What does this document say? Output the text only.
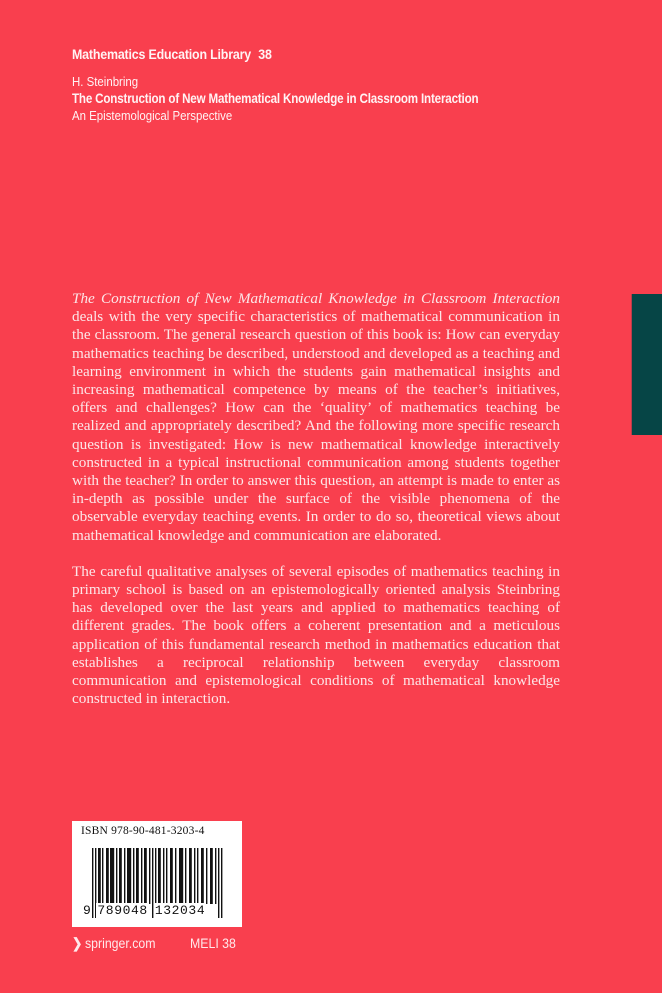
Mathematics Education Library 38
H. Steinbring
The Construction of New Mathematical Knowledge in Classroom Interaction
An Epistemological Perspective

The Construction of New Mathematical Knowledge in Classroom Interaction deals with the very specific characteristics of mathematical communication in the classroom. The general research question of this book is: How can everyday mathematics teaching be described, understood and developed as a teaching and learning environment in which the students gain mathematical insights and increasing mathematical competence by means of the teacher’s initiatives, offers and challenges? How can the ‘quality’ of mathematics teaching be realized and appropriately described? And the following more specific research question is investigated: How is new mathematical knowledge interactively constructed in a typical instructional communication among students together with the teacher? In order to answer this question, an attempt is made to enter as in-depth as possible under the surface of the visible phenomena of the observable everyday teaching events. In order to do so, theoretical views about mathematical knowledge and communication are elaborated.

The careful qualitative analyses of several episodes of mathematics teaching in primary school is based on an epistemologically oriented analysis Steinbring has developed over the last years and applied to mathematics teaching of different grades. The book offers a coherent presentation and a meticulous application of this fundamental research method in mathematics education that establishes a reciprocal relationship between everyday classroom communication and epistemological conditions of mathematical knowledge constructed in interaction.

ISBN 978-90-481-3203-4
9 789048 132034
❯ springer.com MELI 38
